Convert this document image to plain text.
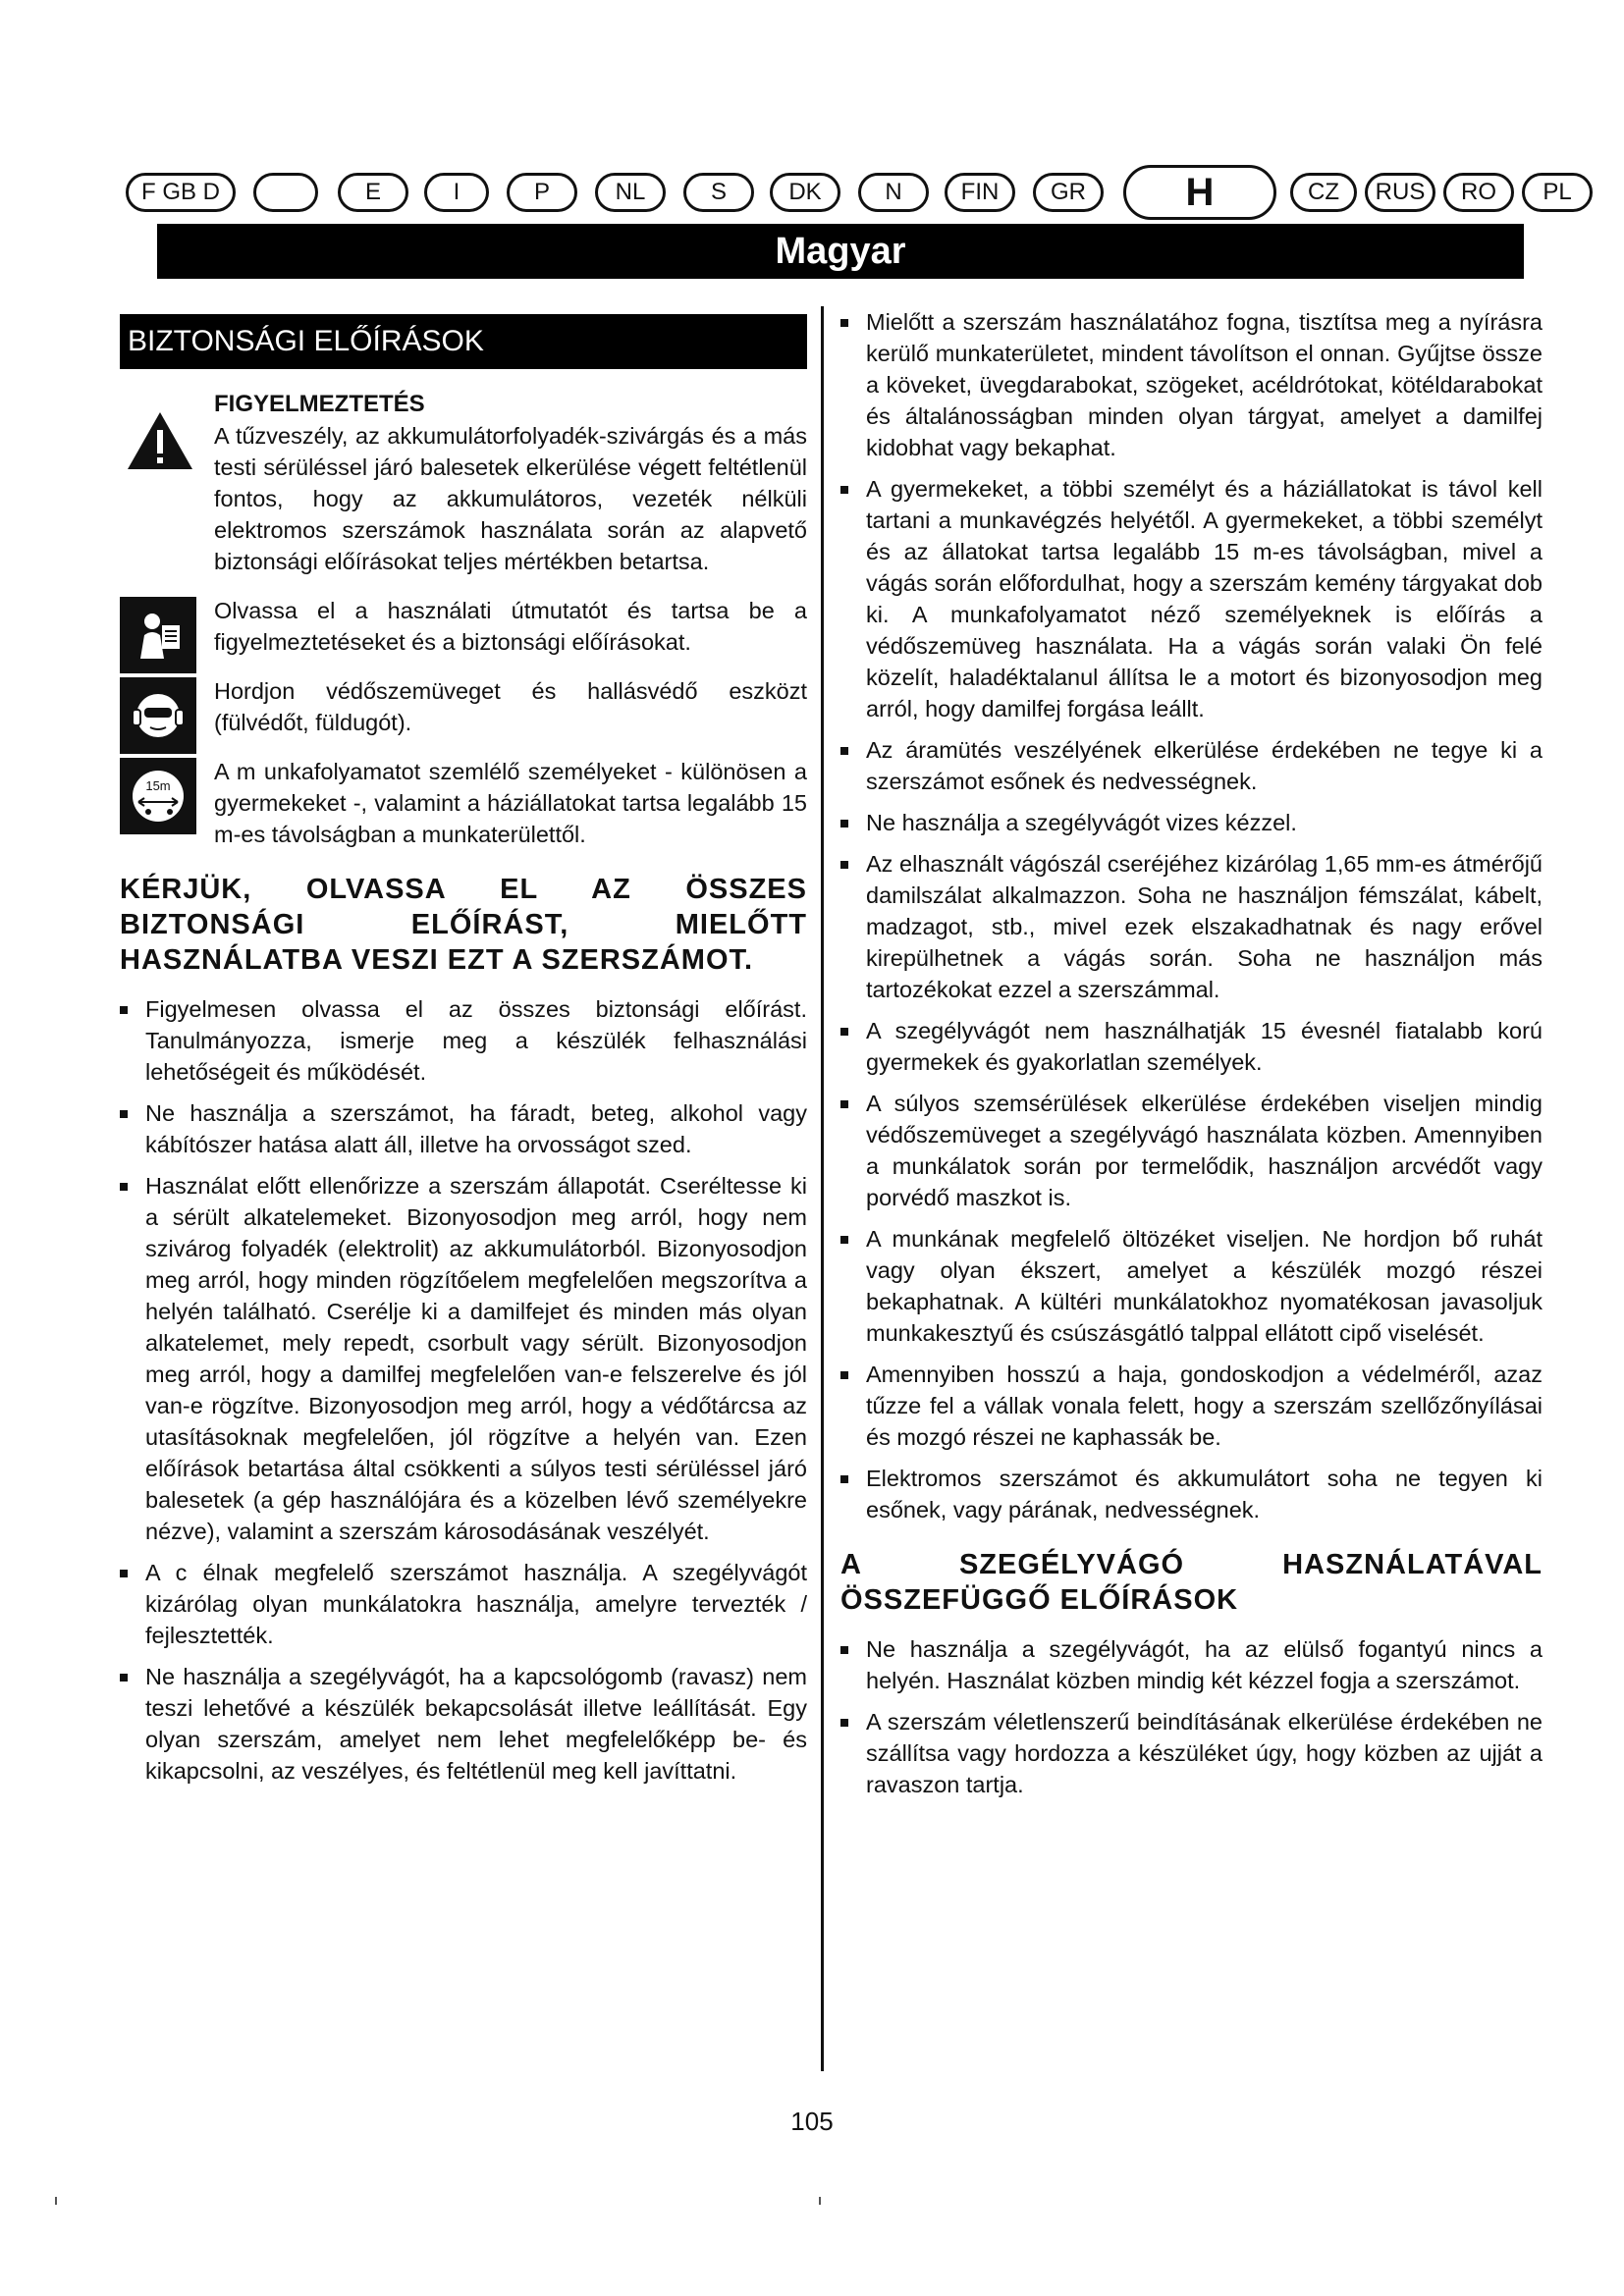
F GB D	E	I	P	NL	S	DK	N	FIN	GR	H	CZ	RUS	RO	PL
Magyar
BIZTONSÁGI ELŐÍRÁSOK
FIGYELMEZTETÉS
A tűzveszély, az akkumulátorfolyadék-szivárgás és a más testi sérüléssel járó balesetek elkerülése végett feltétlenül fontos, hogy az akkumulátoros, vezeték nélküli elektromos szerszámok használata során az alapvető biztonsági előírásokat teljes mértékben betartsa.
Olvassa el a használati útmutatót és tartsa be a figyelmeztetéseket és a biztonsági előírásokat.
Hordjon védőszemüveget és hallásvédő eszközt (fülvédőt, füldugót).
15m
A m unkafolyamatot szemlélő személyeket - különösen a gyermekeket -, valamint a háziállatokat tartsa legalább 15 m-es távolságban a munkaterülettől.
KÉRJÜK, OLVASSA EL AZ ÖSSZES BIZTONSÁGI ELŐÍRÁST, MIELŐTT HASZNÁLATBA VESZI EZT A SZERSZÁMOT.
Figyelmesen olvassa el az összes biztonsági előírást. Tanulmányozza, ismerje meg a készülék felhasználási lehetőségeit és működését.
Ne használja a szerszámot, ha fáradt, beteg, alkohol vagy kábítószer hatása alatt áll, illetve ha orvosságot szed.
Használat előtt ellenőrizze a szerszám állapotát. Cseréltesse ki a sérült alkatelemeket. Bizonyosodjon meg arról, hogy nem szivárog folyadék (elektrolit) az akkumulátorból. Bizonyosodjon meg arról, hogy minden rögzítőelem megfelelően megszorítva a helyén található. Cserélje ki a damilfejet és minden más olyan alkatelemet, mely repedt, csorbult vagy sérült. Bizonyosodjon meg arról, hogy a damilfej megfelelően van-e felszerelve és jól van-e rögzítve. Bizonyosodjon meg arról, hogy a védőtárcsa az utasításoknak megfelelően, jól rögzítve a helyén van. Ezen előírások betartása által csökkenti a súlyos testi sérüléssel járó balesetek (a gép használójára és a közelben lévő személyekre nézve), valamint a szerszám károsodásának veszélyét.
A c élnak megfelelő szerszámot használja. A szegélyvágót kizárólag olyan munkálatokra használja, amelyre tervezték / fejlesztették.
Ne használja a szegélyvágót, ha a kapcsológomb (ravasz) nem teszi lehetővé a készülék bekapcsolását illetve leállítását. Egy olyan szerszám, amelyet nem lehet megfelelőképp be- és kikapcsolni, az veszélyes, és feltétlenül meg kell javíttatni.
Mielőtt a szerszám használatához fogna, tisztítsa meg a nyírásra kerülő munkaterületet, mindent távolítson el onnan. Gyűjtse össze a köveket, üvegdarabokat, szögeket, acéldrótokat, kötéldarabokat és általánosságban minden olyan tárgyat, amelyet a damilfej kidobhat vagy bekaphat.
A gyermekeket, a többi személyt és a háziállatokat is távol kell tartani a munkavégzés helyétől. A gyermekeket, a többi személyt és az állatokat tartsa legalább 15 m-es távolságban, mivel a vágás során előfordulhat, hogy a szerszám kemény tárgyakat dob ki. A munkafolyamatot néző személyeknek is előírás a védőszemüveg használata. Ha a vágás során valaki Ön felé közelít, haladéktalanul állítsa le a motort és bizonyosodjon meg arról, hogy damilfej forgása leállt.
Az áramütés veszélyének elkerülése érdekében ne tegye ki a szerszámot esőnek és nedvességnek.
Ne használja a szegélyvágót vizes kézzel.
Az elhasznált vágószál cseréjéhez kizárólag 1,65 mm-es átmérőjű damilszálat alkalmazzon. Soha ne használjon fémszálat, kábelt, madzagot, stb., mivel ezek elszakadhatnak és nagy erővel kirepülhetnek a vágás során. Soha ne használjon más tartozékokat ezzel a szerszámmal.
A szegélyvágót nem használhatják 15 évesnél fiatalabb korú gyermekek és gyakorlatlan személyek.
A súlyos szemsérülések elkerülése érdekében viseljen mindig védőszemüveget a szegélyvágó használata közben. Amennyiben a munkálatok során por termelődik, használjon arcvédőt vagy porvédő maszkot is.
A munkának megfelelő öltözéket viseljen. Ne hordjon bő ruhát vagy olyan ékszert, amelyet a készülék mozgó részei bekaphatnak. A kültéri munkálatokhoz nyomatékosan javasoljuk munkakesztyű és csúszásgátló talppal ellátott cipő viselését.
Amennyiben hosszú a haja, gondoskodjon a védelméről, azaz tűzze fel a vállak vonala felett, hogy a szerszám szellőzőnyílásai és mozgó részei ne kaphassák be.
Elektromos szerszámot és akkumulátort soha ne tegyen ki esőnek, vagy párának, nedvességnek.
A SZEGÉLYVÁGÓ HASZNÁLATÁVAL ÖSSZEFÜGGŐ ELŐÍRÁSOK
Ne használja a szegélyvágót, ha az elülső fogantyú nincs a helyén. Használat közben mindig két kézzel fogja a szerszámot.
A szerszám véletlenszerű beindításának elkerülése érdekében ne szállítsa vagy hordozza a készüléket úgy, hogy közben az ujját a ravaszon tartja.
105
